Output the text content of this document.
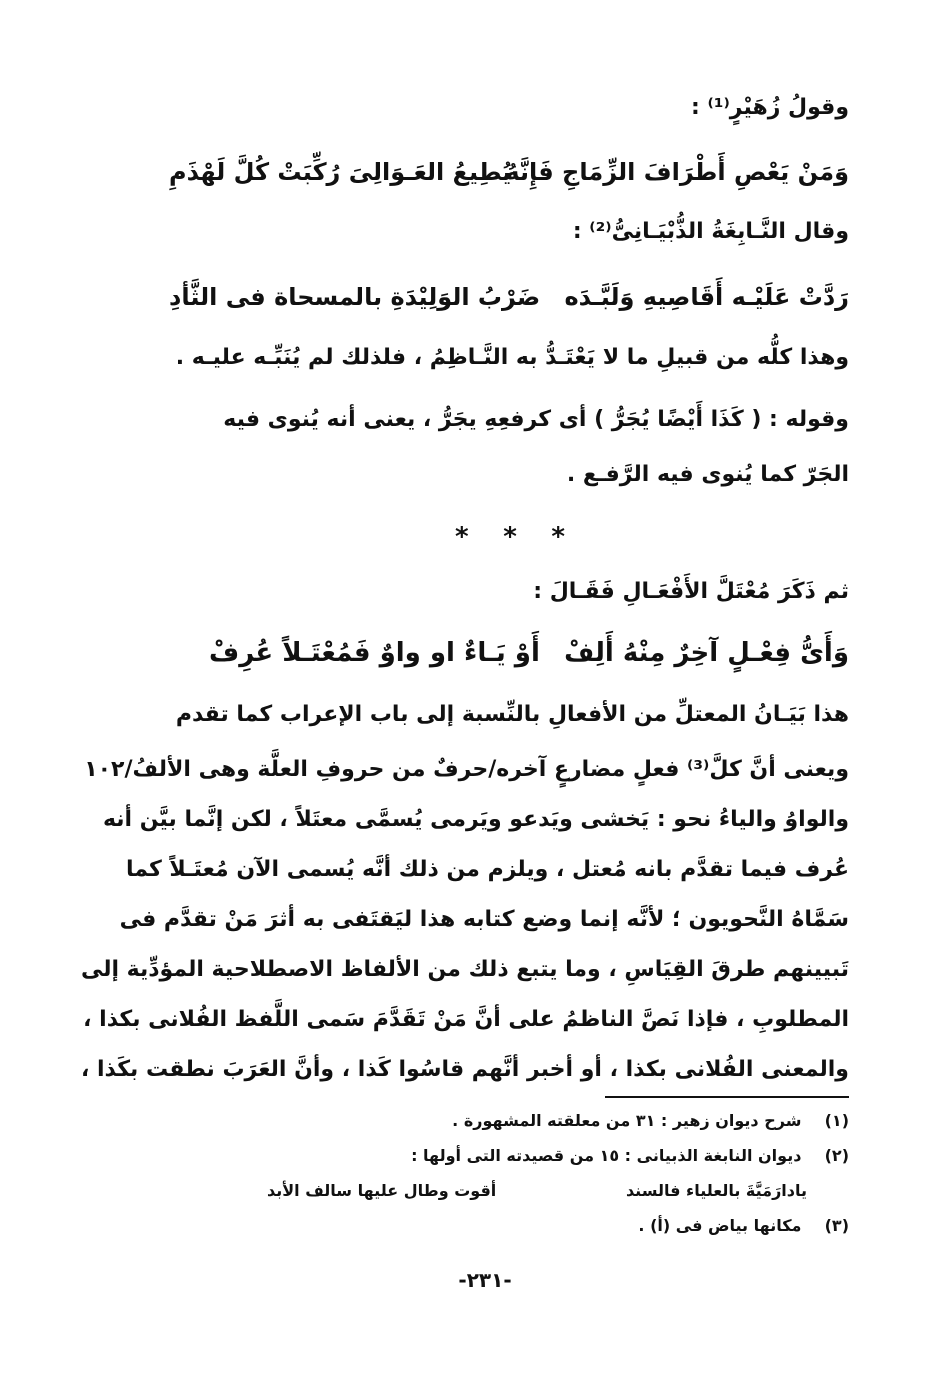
وقولُ زُهَيْرٍ⁽¹⁾ :

وَمَنْ يَعْصِ أَطْرَافَ الزِّمَاجِ فَإِنَّهُ
يُطِيعُ العَـوَالِىَ رُكِّبَتْ كُلَّ لَهْذَمِ

وقال النَّـابِغَةُ الذُّبْيَـانِىُّ⁽²⁾ :

رَدَّتْ عَلَيْـه أَقَاصِيهِ وَلَبَّـدَه
ضَرْبُ الوَلِيْدَةِ بالمسحاة فى الثَّأدِ

وهذا كلُّه من قبيلِ ما لا يَعْتَـدُّ به النَّـاظِمُ ، فلذلك لم يُنَبِّـه عليـه .

وقوله : ( كَذَا أَيْضًا يُجَرُّ ) أى كرفعِهِ يجَرُّ ، يعنى أنه يُنوى فيه

الجَرّ كما يُنوى فيه الرَّفـع .

* * *

ثم ذَكَرَ مُعْتَلَّ الأَفْعَـالِ فَقَـالَ :

وَأَىُّ فِعْـلٍ آخِرٌ مِنْهُ أَلِفْ
أَوْ يَـاءٌ او واوٌ فَمُعْتَـلاً عُرِفْ

هذا بَيَـانُ المعتلِّ من الأفعالِ بالنِّسبة إلى باب الإعراب كما تقدم

ويعنى أنَّ كلَّ⁽³⁾ فعلٍ مضارعٍ آخره/حرفٌ من حروفِ العلَّة وهى الألفُ/١٠٢

والواوُ والياءُ نحو : يَخشى ويَدعو ويَرمى يُسمَّى معتَلاً ، لكن إنَّما بيَّن أنه

عُرف فيما تقدَّم بانه مُعتل ، ويلزم من ذلك أنَّه يُسمى الآن مُعتَـلاً كما

سَمَّاهُ النَّحويون ؛ لأنَّه إنما وضع كتابه هذا ليَقتَفى به أثرَ مَنْ تقدَّم فى

تَبيينهم طرقَ القِيَاسِ ، وما يتبع ذلك من الألفاظ الاصطلاحية المؤدِّية إلى

المطلوبِ ، فإذا نَصَّ الناظمُ على أنَّ مَنْ تَقَدَّمَ سَمى اللَّفظ الفُلانى بكذا ،

والمعنى الفُلانى بكذا ، أو أخبر أنَّهم قاسُوا كَذا ، وأنَّ العَرَبَ نطقت بكَذا ،

(١) شرح ديوان زهير : ٣١ من معلقته المشهورة .
(٢) ديوان النابغة الذبيانى : ١٥ من قصيدته التى أولها :
يادارَمَيَّةَ بالعلياء فالسند
أقوت وطال عليها سالف الأبد
(٣) مكانها بياض فى (أ) .
-٢٣١-
